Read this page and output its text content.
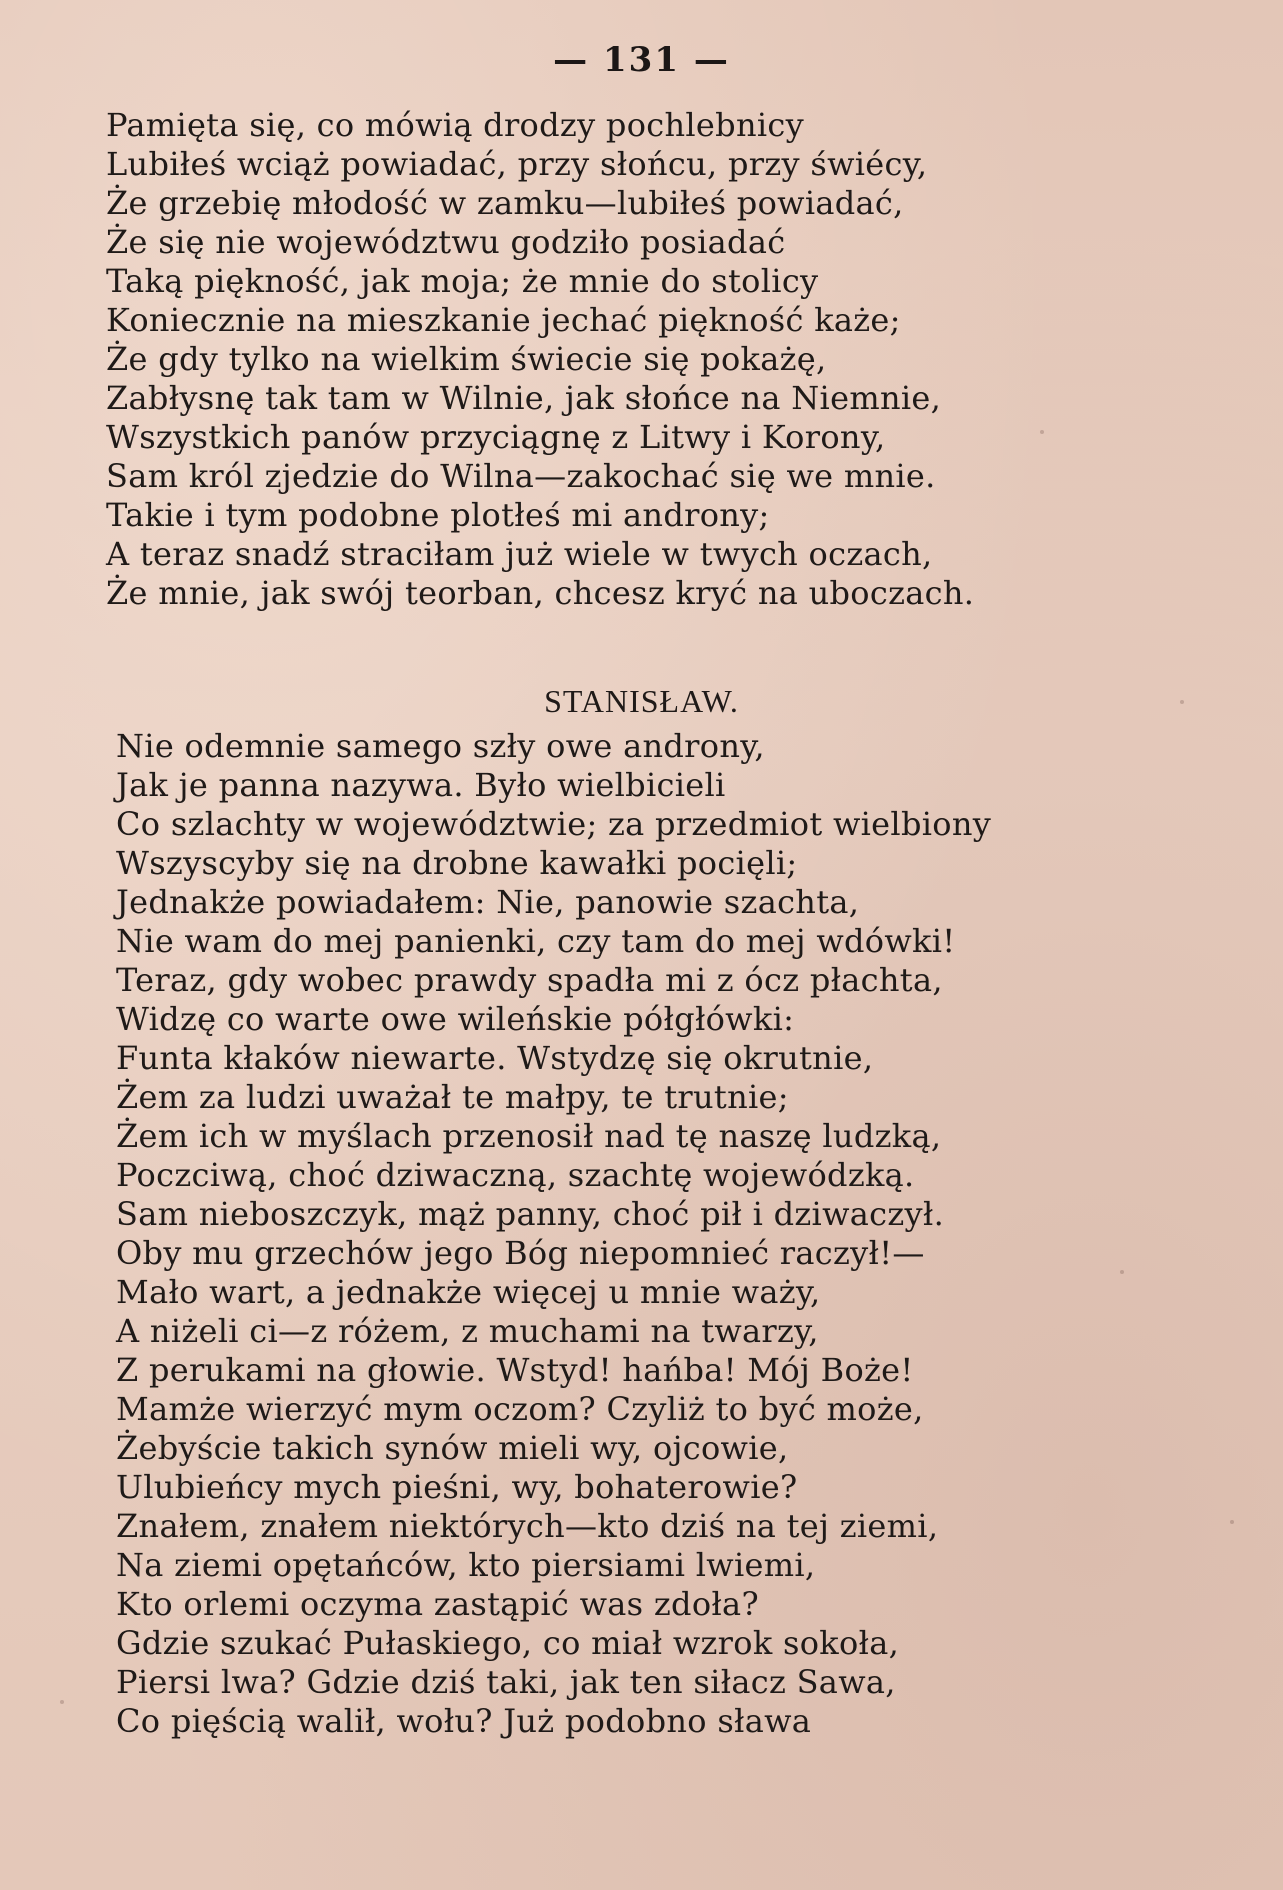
— 131 —
Pamięta się, co mówią drodzy pochlebnicy
Lubiłeś wciąż powiadać, przy słońcu, przy świécy,
Że grzebię młodość w zamku—lubiłeś powiadać,
Że się nie województwu godziło posiadać
Taką piękność, jak moja; że mnie do stolicy
Koniecznie na mieszkanie jechać piękność każe;
Że gdy tylko na wielkim świecie się pokażę,
Zabłysnę tak tam w Wilnie, jak słońce na Niemnie,
Wszystkich panów przyciągnę z Litwy i Korony,
Sam król zjedzie do Wilna—zakochać się we mnie.
Takie i tym podobne plotłeś mi androny;
A teraz snadź straciłam już wiele w twych oczach,
Że mnie, jak swój teorban, chcesz kryć na uboczach.
STANISŁAW.
Nie odemnie samego szły owe androny,
Jak je panna nazywa. Było wielbicieli
Co szlachty w województwie; za przedmiot wielbiony
Wszyscyby się na drobne kawałki pocięli;
Jednakże powiadałem: Nie, panowie szachta,
Nie wam do mej panienki, czy tam do mej wdówki!
Teraz, gdy wobec prawdy spadła mi z ócz płachta,
Widzę co warte owe wileńskie półgłówki:
Funta kłaków niewarte. Wstydzę się okrutnie,
Żem za ludzi uważał te małpy, te trutnie;
Żem ich w myślach przenosił nad tę naszę ludzką,
Poczciwą, choć dziwaczną, szachtę wojewódzką.
Sam nieboszczyk, mąż panny, choć pił i dziwaczył.
Oby mu grzechów jego Bóg niepomnieć raczył!—
Mało wart, a jednakże więcej u mnie waży,
A niżeli ci—z różem, z muchami na twarzy,
Z perukami na głowie. Wstyd! hańba! Mój Boże!
Mamże wierzyć mym oczom? Czyliż to być może,
Żebyście takich synów mieli wy, ojcowie,
Ulubieńcy mych pieśni, wy, bohaterowie?
Znałem, znałem niektórych—kto dziś na tej ziemi,
Na ziemi opętańców, kto piersiami lwiemi,
Kto orlemi oczyma zastąpić was zdoła?
Gdzie szukać Pułaskiego, co miał wzrok sokoła,
Piersi lwa? Gdzie dziś taki, jak ten siłacz Sawa,
Co pięścią walił, wołu? Już podobno sława
